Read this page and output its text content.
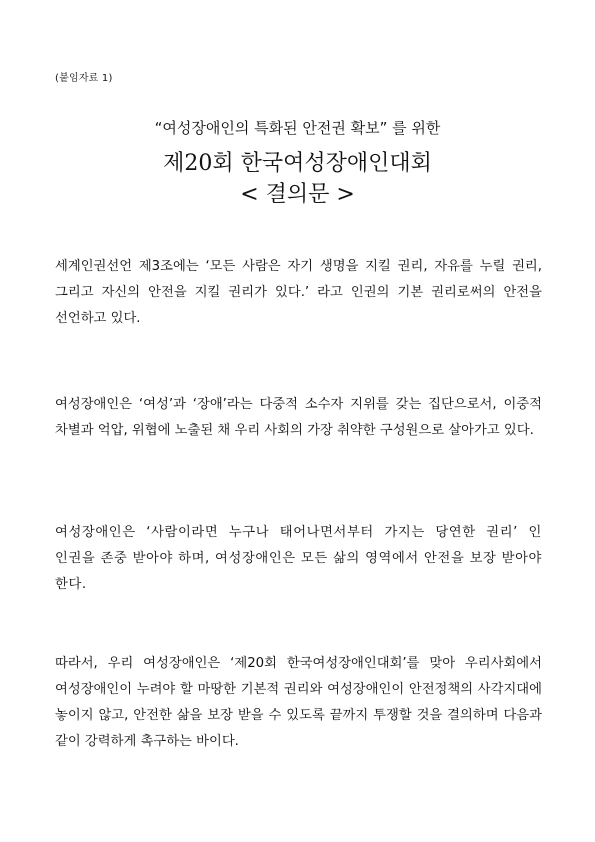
(붙임자료 1)
“여성장애인의 특화된 안전권 확보” 를 위한
제20회 한국여성장애인대회
< 결의문 >

세계인권선언 제3조에는 ‘모든 사람은 자기 생명을 지킬 권리, 자유를 누릴 권리, 그리고 자신의 안전을 지킬 권리가 있다.’ 라고 인권의 기본 권리로써의 안전을 선언하고 있다.

여성장애인은 ‘여성’과 ‘장애’라는 다중적 소수자 지위를 갖는 집단으로서, 이중적 차별과 억압, 위협에 노출된 채 우리 사회의 가장 취약한 구성원으로 살아가고 있다.

여성장애인은 ‘사람이라면 누구나 태어나면서부터 가지는 당연한 권리’ 인 인권을 존중 받아야 하며, 여성장애인은 모든 삶의 영역에서 안전을 보장 받아야 한다.

따라서, 우리 여성장애인은 ‘제20회 한국여성장애인대회’를 맞아 우리사회에서 여성장애인이 누려야 할 마땅한 기본적 권리와 여성장애인이 안전정책의 사각지대에 놓이지 않고, 안전한 삶을 보장 받을 수 있도록 끝까지 투쟁할 것을 결의하며 다음과 같이 강력하게 촉구하는 바이다.
